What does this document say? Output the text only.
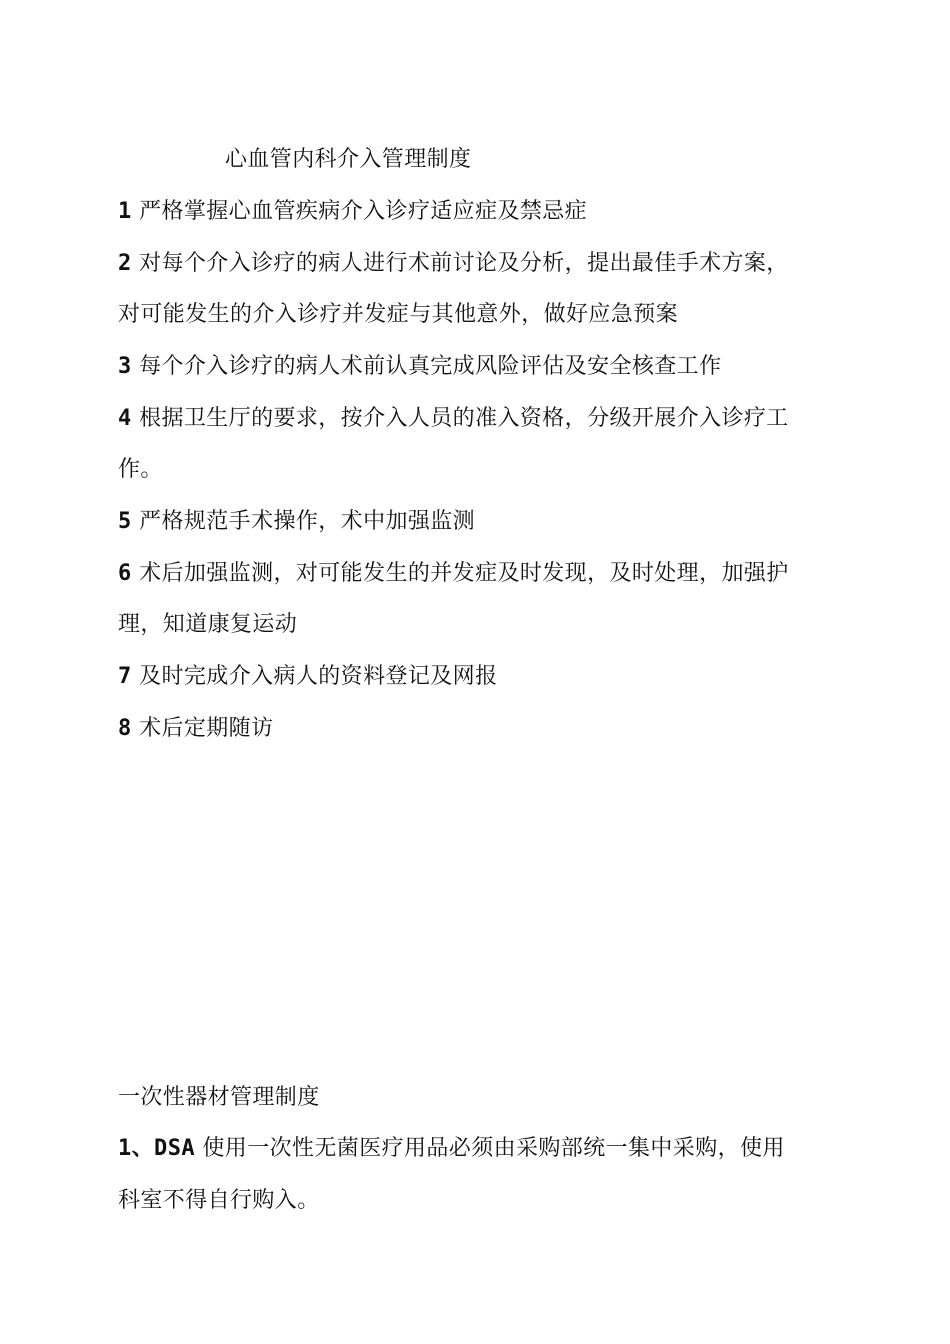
心血管内科介入管理制度
1 严格掌握心血管疾病介入诊疗适应症及禁忌症
2 对每个介入诊疗的病人进行术前讨论及分析，提出最佳手术方案，
对可能发生的介入诊疗并发症与其他意外，做好应急预案
3 每个介入诊疗的病人术前认真完成风险评估及安全核查工作
4 根据卫生厅的要求，按介入人员的准入资格，分级开展介入诊疗工
作。
5 严格规范手术操作，术中加强监测
6 术后加强监测，对可能发生的并发症及时发现，及时处理，加强护
理，知道康复运动
7 及时完成介入病人的资料登记及网报
8 术后定期随访
一次性器材管理制度
1、DSA 使用一次性无菌医疗用品必须由采购部统一集中采购，使用
科室不得自行购入。
